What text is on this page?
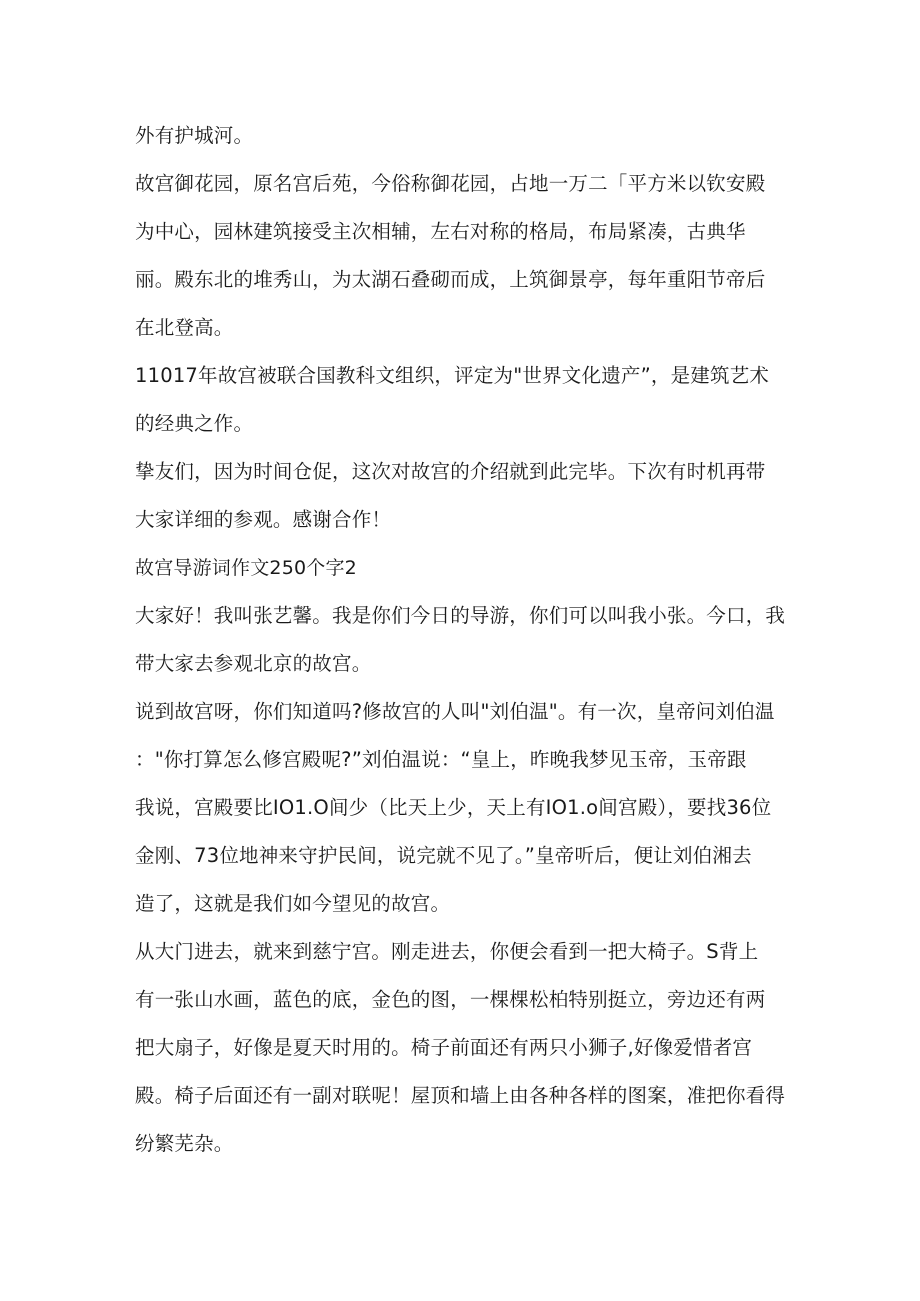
外有护城河。
故宫御花园，原名宫后苑，今俗称御花园，占地一万二「平方米以钦安殿
为中心，园林建筑接受主次相辅，左右对称的格局，布局紧凑，古典华
丽。殿东北的堆秀山，为太湖石叠砌而成，上筑御景亭，每年重阳节帝后
在北登高。
11017年故宫被联合国教科文组织，评定为"世界文化遗产”，是建筑艺术
的经典之作。
挚友们，因为时间仓促，这次对故宫的介绍就到此完毕。下次有时机再带
大家详细的参观。感谢合作！
故宫导游词作文250个字2
大家好！我叫张艺馨。我是你们今日的导游，你们可以叫我小张。今口，我
带大家去参观北京的故宫。
说到故宫呀，你们知道吗?修故宫的人叫"刘伯温"。有一次，皇帝问刘伯温
："你打算怎么修宫殿呢?”刘伯温说：“皇上，昨晚我梦见玉帝，玉帝跟
我说，宫殿要比IO1.O间少（比天上少，天上有IO1.o间宫殿），要找36位
金刚、73位地神来守护民间，说完就不见了。”皇帝听后，便让刘伯湘去
造了，这就是我们如今望见的故宫。
从大门进去，就来到慈宁宫。刚走进去，你便会看到一把大椅子。S背上
有一张山水画，蓝色的底，金色的图，一棵棵松柏特别挺立，旁边还有两
把大扇子，好像是夏天时用的。椅子前面还有两只小狮子,好像爱惜者宫
殿。椅子后面还有一副对联呢！屋顶和墙上由各种各样的图案，准把你看得
纷繁芜杂。
